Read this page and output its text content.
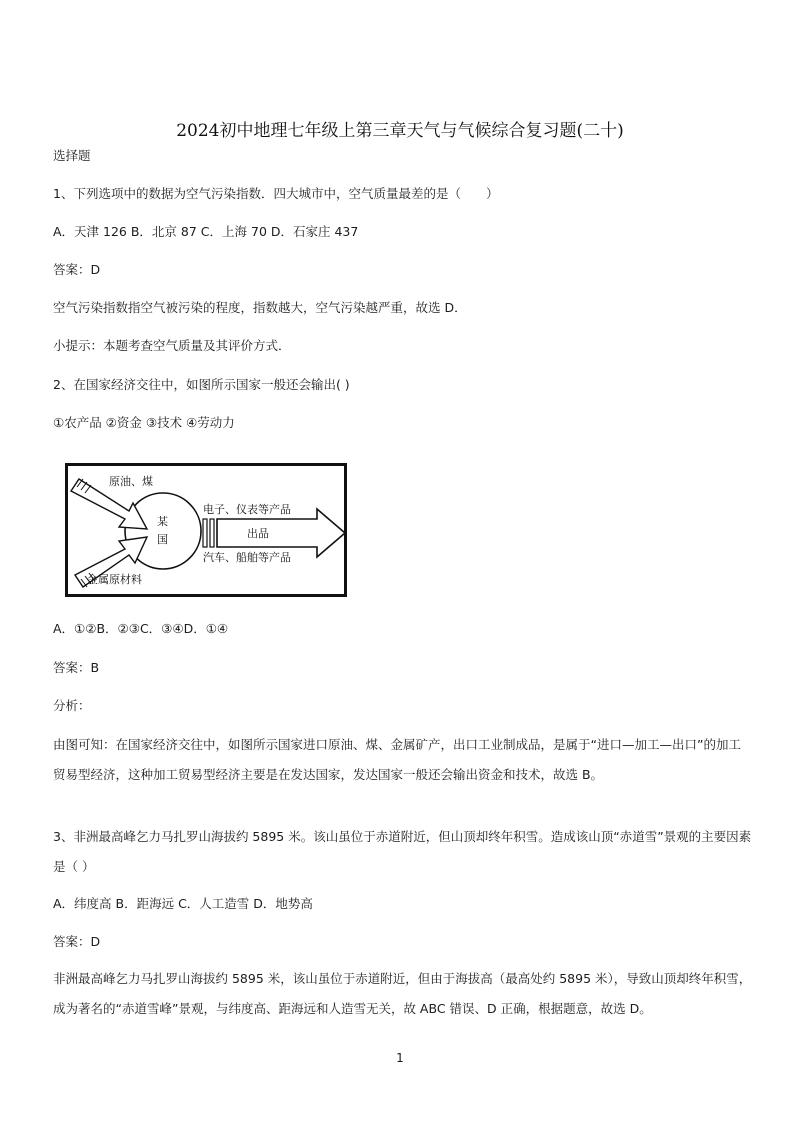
2024初中地理七年级上第三章天气与气候综合复习题(二十)
选择题
1、下列选项中的数据为空气污染指数．四大城市中，空气质量最差的是（　　）
A．天津 126 B．北京 87 C．上海 70 D．石家庄 437
答案：D
空气污染指数指空气被污染的程度，指数越大，空气污染越严重，故选 D．
小提示：本题考查空气质量及其评价方式．
2、在国家经济交往中，如图所示国家一般还会输出( )
①农产品 ②资金 ③技术 ④劳动力
原油、煤
金属原材料
某
国
电子、仪表等产品
出品
汽车、船舶等产品
A．①②B．②③C．③④D．①④
答案：B
分析：
由图可知：在国家经济交往中，如图所示国家进口原油、煤、金属矿产，出口工业制成品，是属于“进口—加工—出口”的加工贸易型经济，这种加工贸易型经济主要是在发达国家，发达国家一般还会输出资金和技术，故选 B。
3、非洲最高峰乞力马扎罗山海拔约 5895 米。该山虽位于赤道附近，但山顶却终年积雪。造成该山顶“赤道雪”景观的主要因素是（ ）
A．纬度高 B．距海远 C．人工造雪 D．地势高
答案：D
非洲最高峰乞力马扎罗山海拔约 5895 米，该山虽位于赤道附近，但由于海拔高（最高处约 5895 米），导致山顶却终年积雪，成为著名的“赤道雪峰”景观，与纬度高、距海远和人造雪无关，故 ABC 错误、D 正确，根据题意，故选 D。
1
